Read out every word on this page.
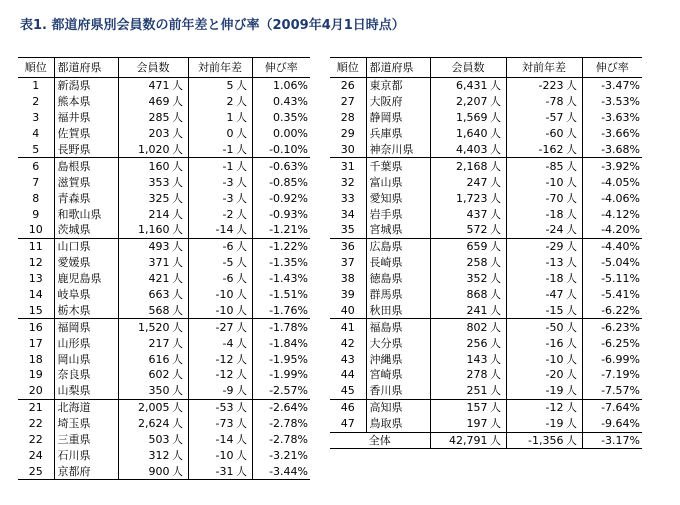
表1. 都道府県別会員数の前年差と伸び率（2009年4月1日時点）
順位	都道府県	会員数	対前年差	伸び率
1	新潟県	471 人	5 人	1.06%
2	熊本県	469 人	2 人	0.43%
3	福井県	285 人	1 人	0.35%
4	佐賀県	203 人	0 人	0.00%
5	長野県	1,020 人	-1 人	-0.10%
6	島根県	160 人	-1 人	-0.63%
7	滋賀県	353 人	-3 人	-0.85%
8	青森県	325 人	-3 人	-0.92%
9	和歌山県	214 人	-2 人	-0.93%
10	茨城県	1,160 人	-14 人	-1.21%
11	山口県	493 人	-6 人	-1.22%
12	愛媛県	371 人	-5 人	-1.35%
13	鹿児島県	421 人	-6 人	-1.43%
14	岐阜県	663 人	-10 人	-1.51%
15	栃木県	568 人	-10 人	-1.76%
16	福岡県	1,520 人	-27 人	-1.78%
17	山形県	217 人	-4 人	-1.84%
18	岡山県	616 人	-12 人	-1.95%
19	奈良県	602 人	-12 人	-1.99%
20	山梨県	350 人	-9 人	-2.57%
21	北海道	2,005 人	-53 人	-2.64%
22	埼玉県	2,624 人	-73 人	-2.78%
22	三重県	503 人	-14 人	-2.78%
24	石川県	312 人	-10 人	-3.21%
25	京都府	900 人	-31 人	-3.44%
順位	都道府県	会員数	対前年差	伸び率
26	東京都	6,431 人	-223 人	-3.47%
27	大阪府	2,207 人	-78 人	-3.53%
28	静岡県	1,569 人	-57 人	-3.63%
29	兵庫県	1,640 人	-60 人	-3.66%
30	神奈川県	4,403 人	-162 人	-3.68%
31	千葉県	2,168 人	-85 人	-3.92%
32	富山県	247 人	-10 人	-4.05%
33	愛知県	1,723 人	-70 人	-4.06%
34	岩手県	437 人	-18 人	-4.12%
35	宮城県	572 人	-24 人	-4.20%
36	広島県	659 人	-29 人	-4.40%
37	長崎県	258 人	-13 人	-5.04%
38	徳島県	352 人	-18 人	-5.11%
39	群馬県	868 人	-47 人	-5.41%
40	秋田県	241 人	-15 人	-6.22%
41	福島県	802 人	-50 人	-6.23%
42	大分県	256 人	-16 人	-6.25%
43	沖縄県	143 人	-10 人	-6.99%
44	宮崎県	278 人	-20 人	-7.19%
45	香川県	251 人	-19 人	-7.57%
46	高知県	157 人	-12 人	-7.64%
47	鳥取県	197 人	-19 人	-9.64%
全体		42,791 人	-1,356 人	-3.17%
